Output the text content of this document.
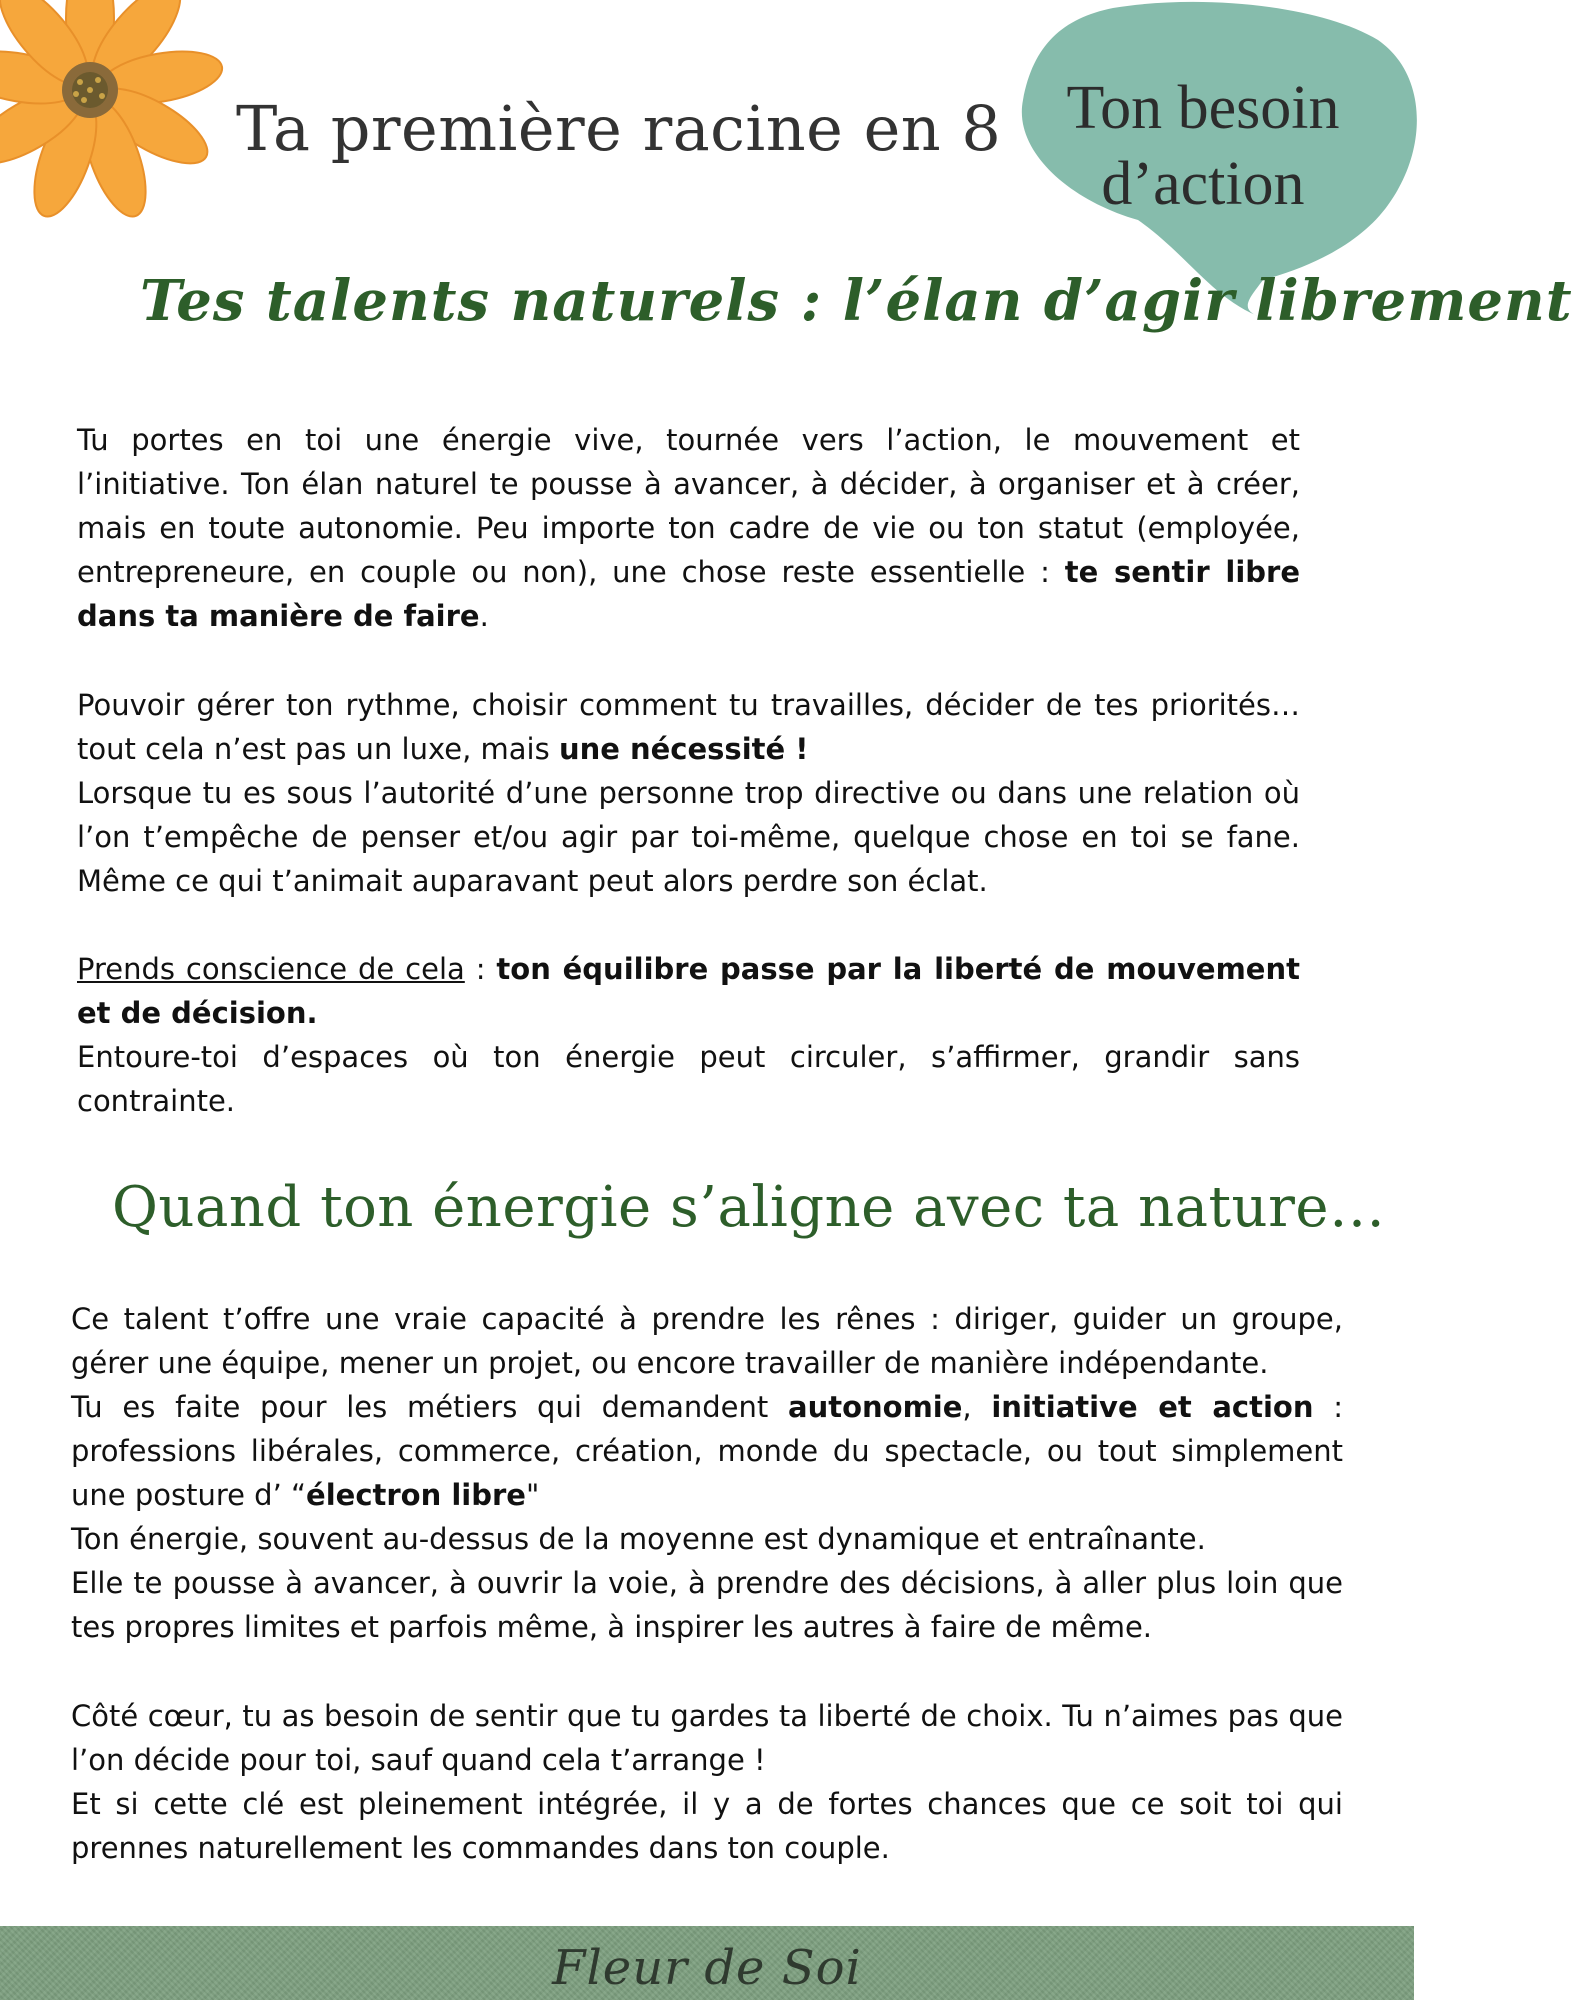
Ta première racine en 8	Ton besoin
d’action
Tes talents naturels : l’élan d’agir librement

Tu portes en toi une énergie vive, tournée vers l’action, le mouvement et l’initiative. Ton élan naturel te pousse à avancer, à décider, à organiser et à créer, mais en toute autonomie. Peu importe ton cadre de vie ou ton statut (employée, entrepreneure, en couple ou non), une chose reste essentielle : te sentir libre dans ta manière de faire.

Pouvoir gérer ton rythme, choisir comment tu travailles, décider de tes priorités… tout cela n’est pas un luxe, mais une nécessité !

Lorsque tu es sous l’autorité d’une personne trop directive ou dans une relation où l’on t’empêche de penser et/ou agir par toi-même, quelque chose en toi se fane. Même ce qui t’animait auparavant peut alors perdre son éclat.

Prends conscience de cela : ton équilibre passe par la liberté de mouvement et de décision.

Entoure-toi d’espaces où ton énergie peut circuler, s’affirmer, grandir sans contrainte.

Quand ton énergie s’aligne avec ta nature…

Ce talent t’offre une vraie capacité à prendre les rênes : diriger, guider un groupe, gérer une équipe, mener un projet, ou encore travailler de manière indépendante.

Tu es faite pour les métiers qui demandent autonomie, initiative et action : professions libérales, commerce, création, monde du spectacle, ou tout simplement une posture d’ “électron libre"

Ton énergie, souvent au-dessus de la moyenne est dynamique et entraînante.

Elle te pousse à avancer, à ouvrir la voie, à prendre des décisions, à aller plus loin que tes propres limites et parfois même, à inspirer les autres à faire de même.

Côté cœur, tu as besoin de sentir que tu gardes ta liberté de choix. Tu n’aimes pas que l’on décide pour toi, sauf quand cela t’arrange !

Et si cette clé est pleinement intégrée, il y a de fortes chances que ce soit toi qui prennes naturellement les commandes dans ton couple.

Fleur de Soi
